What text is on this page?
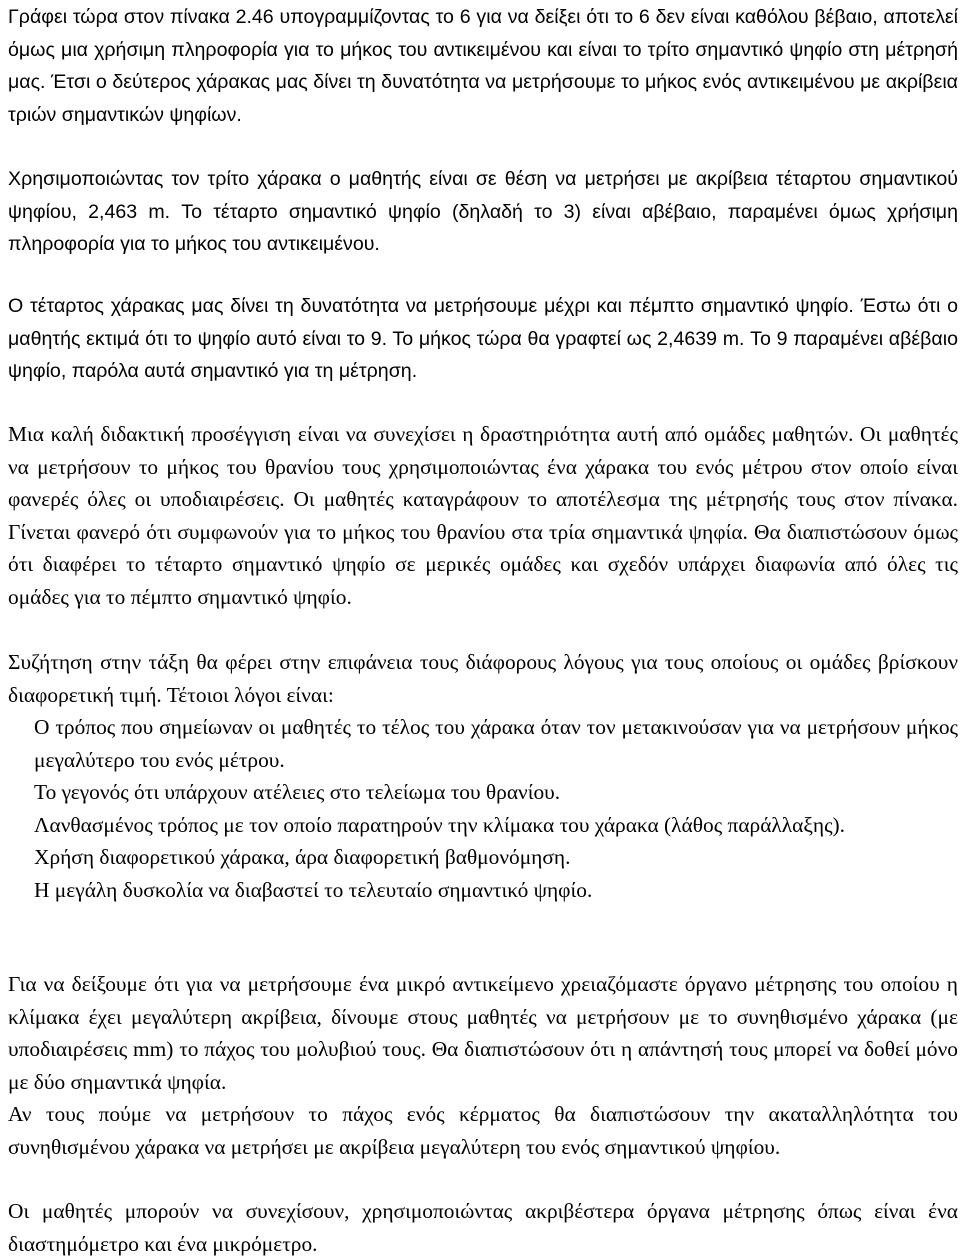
Γράφει τώρα στον πίνακα 2.46 υπογραμμίζοντας το 6 για να δείξει ότι το 6 δεν είναι καθόλου βέβαιο, αποτελεί όμως μια χρήσιμη πληροφορία για το μήκος του αντικειμένου και είναι το τρίτο σημαντικό ψηφίο στη μέτρησή μας. Έτσι ο δεύτερος χάρακας μας δίνει τη δυνατότητα να μετρήσουμε το μήκος ενός αντικειμένου με ακρίβεια τριών σημαντικών ψηφίων.

Χρησιμοποιώντας τον τρίτο χάρακα ο μαθητής είναι σε θέση να μετρήσει με ακρίβεια τέταρτου σημαντικού ψηφίου, 2,463 m. Το τέταρτο σημαντικό ψηφίο (δηλαδή το 3) είναι αβέβαιο, παραμένει όμως χρήσιμη πληροφορία για το μήκος του αντικειμένου.

Ο τέταρτος χάρακας μας δίνει τη δυνατότητα να μετρήσουμε μέχρι και πέμπτο σημαντικό ψηφίο. Έστω ότι ο μαθητής εκτιμά ότι το ψηφίο αυτό είναι το 9. Το μήκος τώρα θα γραφτεί ως 2,4639 m. Το 9 παραμένει αβέβαιο ψηφίο, παρόλα αυτά σημαντικό για τη μέτρηση.

Μια καλή διδακτική προσέγγιση είναι να συνεχίσει η δραστηριότητα αυτή από ομάδες μαθητών. Οι μαθητές να μετρήσουν το μήκος του θρανίου τους χρησιμοποιώντας ένα χάρακα του ενός μέτρου στον οποίο είναι φανερές όλες οι υποδιαιρέσεις. Οι μαθητές καταγράφουν το αποτέλεσμα της μέτρησής τους στον πίνακα. Γίνεται φανερό ότι συμφωνούν για το μήκος του θρανίου στα τρία σημαντικά ψηφία. Θα διαπιστώσουν όμως ότι διαφέρει το τέταρτο σημαντικό ψηφίο σε μερικές ομάδες και σχεδόν υπάρχει διαφωνία από όλες τις ομάδες για το πέμπτο σημαντικό ψηφίο.

Συζήτηση στην τάξη θα φέρει στην επιφάνεια τους διάφορους λόγους για τους οποίους οι ομάδες βρίσκουν διαφορετική τιμή. Τέτοιοι λόγοι είναι:

Ο τρόπος που σημείωναν οι μαθητές το τέλος του χάρακα όταν τον μετακινούσαν για να μετρήσουν μήκος μεγαλύτερο του ενός μέτρου.
Το γεγονός ότι υπάρχουν ατέλειες στο τελείωμα του θρανίου.
Λανθασμένος τρόπος με τον οποίο παρατηρούν την κλίμακα του χάρακα (λάθος παράλλαξης).
Χρήση διαφορετικού χάρακα, άρα διαφορετική βαθμονόμηση.
Η μεγάλη δυσκολία να διαβαστεί το τελευταίο σημαντικό ψηφίο.

Για να δείξουμε ότι για να μετρήσουμε ένα μικρό αντικείμενο χρειαζόμαστε όργανο μέτρησης του οποίου η κλίμακα έχει μεγαλύτερη ακρίβεια, δίνουμε στους μαθητές να μετρήσουν με το συνηθισμένο χάρακα (με υποδιαιρέσεις mm) το πάχος του μολυβιού τους. Θα διαπιστώσουν ότι η απάντησή τους μπορεί να δοθεί μόνο με δύο σημαντικά ψηφία.

Αν τους πούμε να μετρήσουν το πάχος ενός κέρματος θα διαπιστώσουν την ακαταλληλότητα του συνηθισμένου χάρακα να μετρήσει με ακρίβεια μεγαλύτερη του ενός σημαντικού ψηφίου.

Οι μαθητές μπορούν να συνεχίσουν, χρησιμοποιώντας ακριβέστερα όργανα μέτρησης όπως είναι ένα διαστημόμετρο και ένα μικρόμετρο.
